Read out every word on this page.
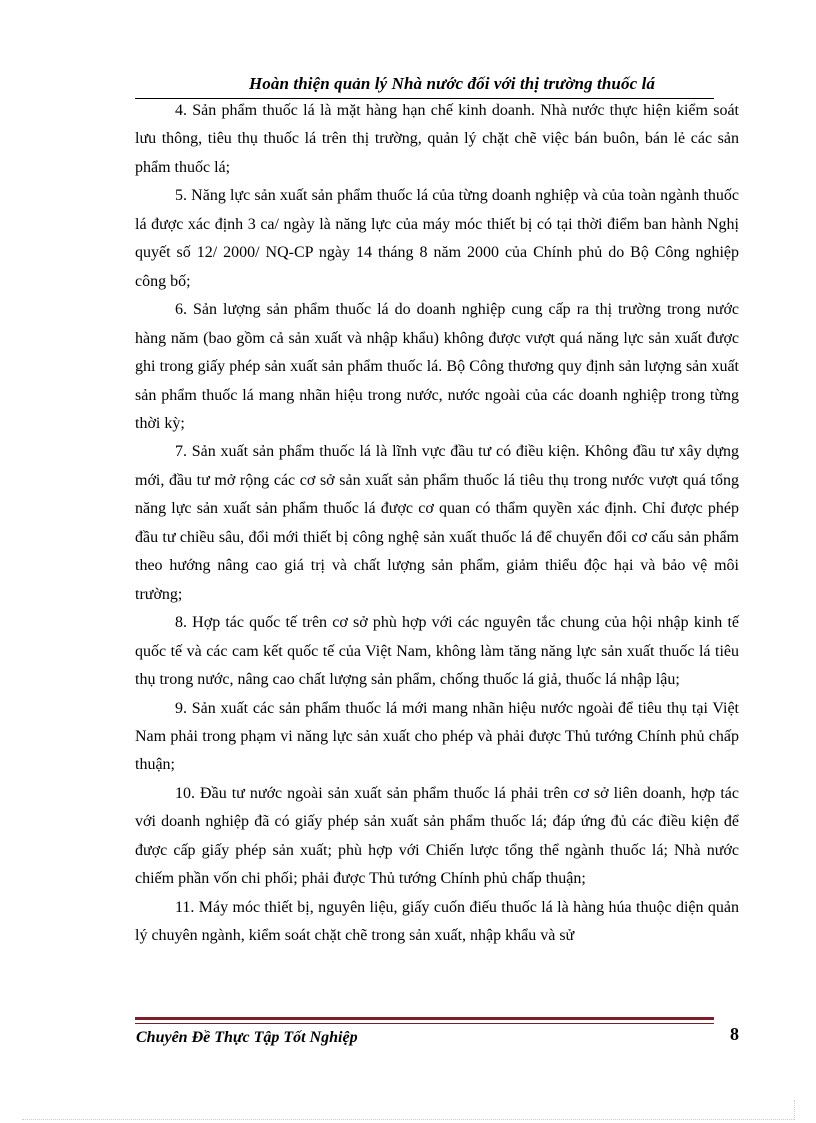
Hoàn thiện quản lý Nhà nước đối với thị trường thuốc lá

4. Sản phẩm thuốc lá là mặt hàng hạn chế kinh doanh. Nhà nước thực hiện kiểm soát lưu thông, tiêu thụ thuốc lá trên thị trường, quản lý chặt chẽ việc bán buôn, bán lẻ các sản phẩm thuốc lá;

5. Năng lực sản xuất sản phẩm thuốc lá của từng doanh nghiệp và của toàn ngành thuốc lá được xác định 3 ca/ ngày là năng lực của máy móc thiết bị có tại thời điểm ban hành Nghị quyết số 12/ 2000/ NQ-CP ngày 14 tháng 8 năm 2000 của Chính phủ do Bộ Công nghiệp công bố;

6. Sản lượng sản phẩm thuốc lá do doanh nghiệp cung cấp ra thị trường trong nước hàng năm (bao gồm cả sản xuất và nhập khẩu) không được vượt quá năng lực sản xuất được ghi trong giấy phép sản xuất sản phẩm thuốc lá. Bộ Công thương quy định sản lượng sản xuất sản phẩm thuốc lá mang nhãn hiệu trong nước, nước ngoài của các doanh nghiệp trong từng thời kỳ;

7. Sản xuất sản phẩm thuốc lá là lĩnh vực đầu tư có điều kiện. Không đầu tư xây dựng mới, đầu tư mở rộng các cơ sở sản xuất sản phẩm thuốc lá tiêu thụ trong nước vượt quá tổng năng lực sản xuất sản phẩm thuốc lá được cơ quan có thẩm quyền xác định. Chỉ được phép đầu tư chiều sâu, đổi mới thiết bị công nghệ sản xuất thuốc lá để chuyển đổi cơ cấu sản phẩm theo hướng nâng cao giá trị và chất lượng sản phẩm, giảm thiểu độc hại và bảo vệ môi trường;

8. Hợp tác quốc tế trên cơ sở phù hợp với các nguyên tắc chung của hội nhập kinh tế quốc tế và các cam kết quốc tế của Việt Nam, không làm tăng năng lực sản xuất thuốc lá tiêu thụ trong nước, nâng cao chất lượng sản phẩm, chống thuốc lá giả, thuốc lá nhập lậu;

9. Sản xuất các sản phẩm thuốc lá mới mang nhãn hiệu nước ngoài để tiêu thụ tại Việt Nam phải trong phạm vi năng lực sản xuất cho phép và phải được Thủ tướng Chính phủ chấp thuận;

10. Đầu tư nước ngoài sản xuất sản phẩm thuốc lá phải trên cơ sở liên doanh, hợp tác với doanh nghiệp đã có giấy phép sản xuất sản phẩm thuốc lá; đáp ứng đủ các điều kiện để được cấp giấy phép sản xuất; phù hợp với Chiến lược tổng thể ngành thuốc lá; Nhà nước chiếm phần vốn chi phối; phải được Thủ tướng Chính phủ chấp thuận;

11. Máy móc thiết bị, nguyên liệu, giấy cuốn điếu thuốc lá là hàng húa thuộc diện quản lý chuyên ngành, kiểm soát chặt chẽ trong sản xuất, nhập khẩu và sử

Chuyên Đề Thực Tập Tốt Nghiệp	8
